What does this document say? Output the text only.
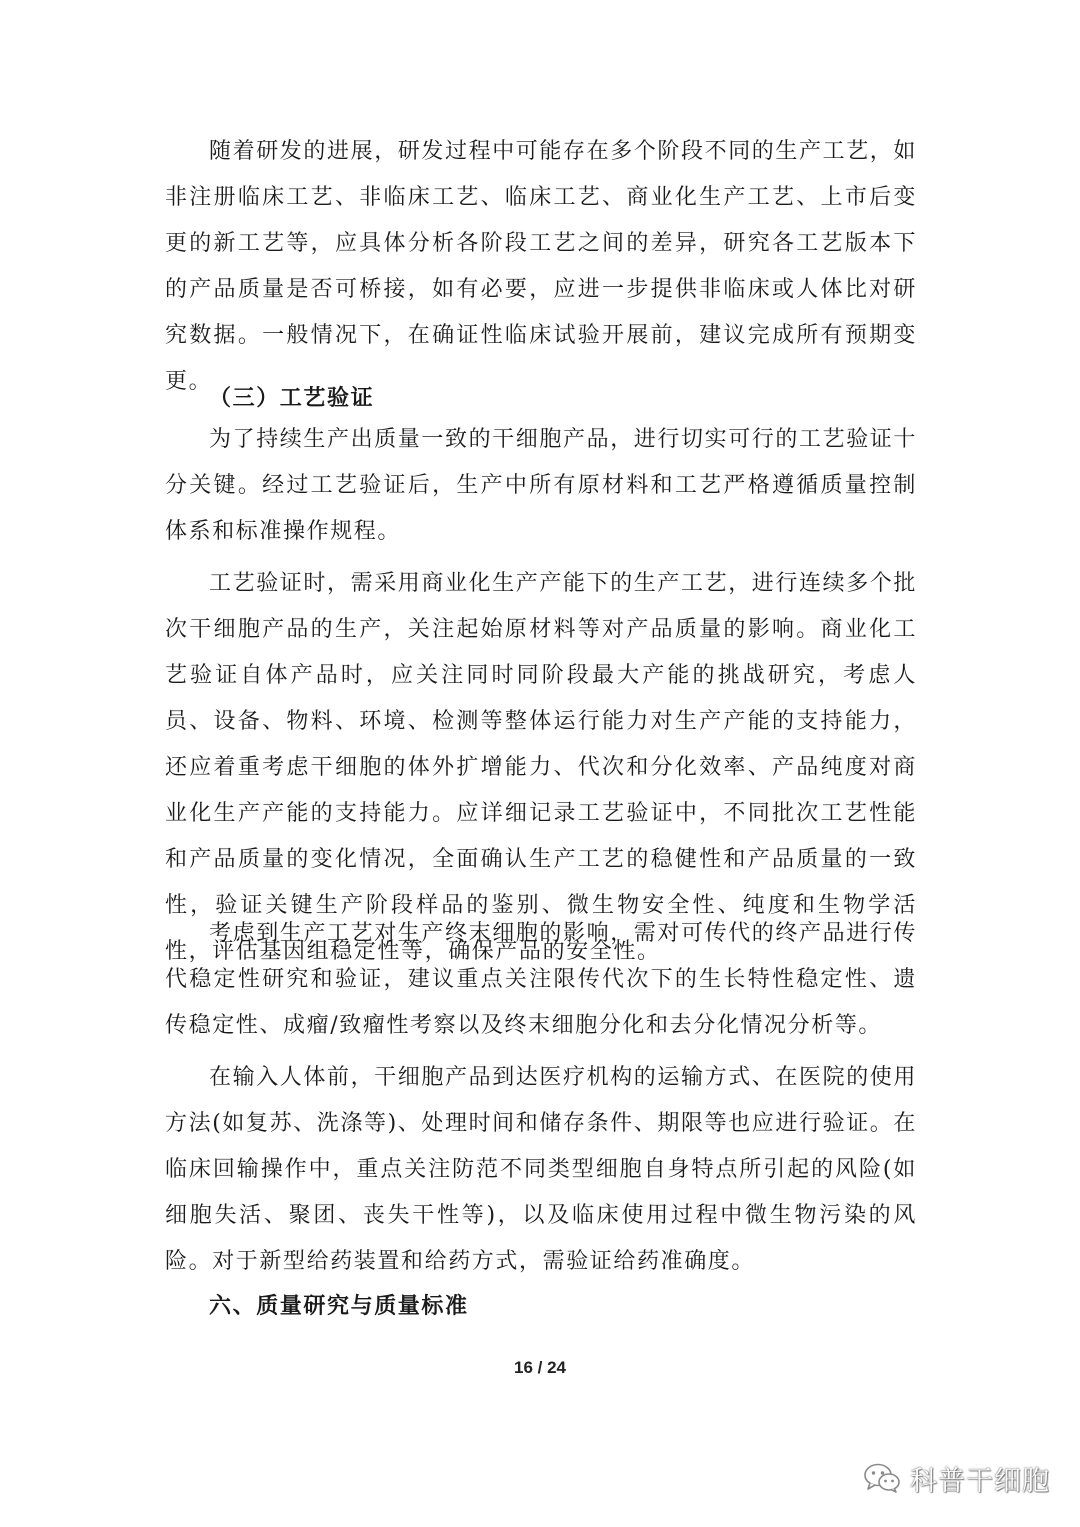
随着研发的进展，研发过程中可能存在多个阶段不同的生产工艺，如非注册临床工艺、非临床工艺、临床工艺、商业化生产工艺、上市后变更的新工艺等，应具体分析各阶段工艺之间的差异，研究各工艺版本下的产品质量是否可桥接，如有必要，应进一步提供非临床或人体比对研究数据。一般情况下，在确证性临床试验开展前，建议完成所有预期变更。

（三）工艺验证

为了持续生产出质量一致的干细胞产品，进行切实可行的工艺验证十分关键。经过工艺验证后，生产中所有原材料和工艺严格遵循质量控制体系和标准操作规程。

工艺验证时，需采用商业化生产产能下的生产工艺，进行连续多个批次干细胞产品的生产，关注起始原材料等对产品质量的影响。商业化工艺验证自体产品时，应关注同时同阶段最大产能的挑战研究，考虑人员、设备、物料、环境、检测等整体运行能力对生产产能的支持能力，还应着重考虑干细胞的体外扩增能力、代次和分化效率、产品纯度对商业化生产产能的支持能力。应详细记录工艺验证中，不同批次工艺性能和产品质量的变化情况，全面确认生产工艺的稳健性和产品质量的一致性，验证关键生产阶段样品的鉴别、微生物安全性、纯度和生物学活性，评估基因组稳定性等，确保产品的安全性。

考虑到生产工艺对生产终末细胞的影响，需对可传代的终产品进行传代稳定性研究和验证，建议重点关注限传代次下的生长特性稳定性、遗传稳定性、成瘤/致瘤性考察以及终末细胞分化和去分化情况分析等。

在输入人体前，干细胞产品到达医疗机构的运输方式、在医院的使用方法(如复苏、洗涤等)、处理时间和储存条件、期限等也应进行验证。在临床回输操作中，重点关注防范不同类型细胞自身特点所引起的风险(如细胞失活、聚团、丧失干性等)，以及临床使用过程中微生物污染的风险。对于新型给药装置和给药方式，需验证给药准确度。

六、质量研究与质量标准

16 / 24
科普干细胞
